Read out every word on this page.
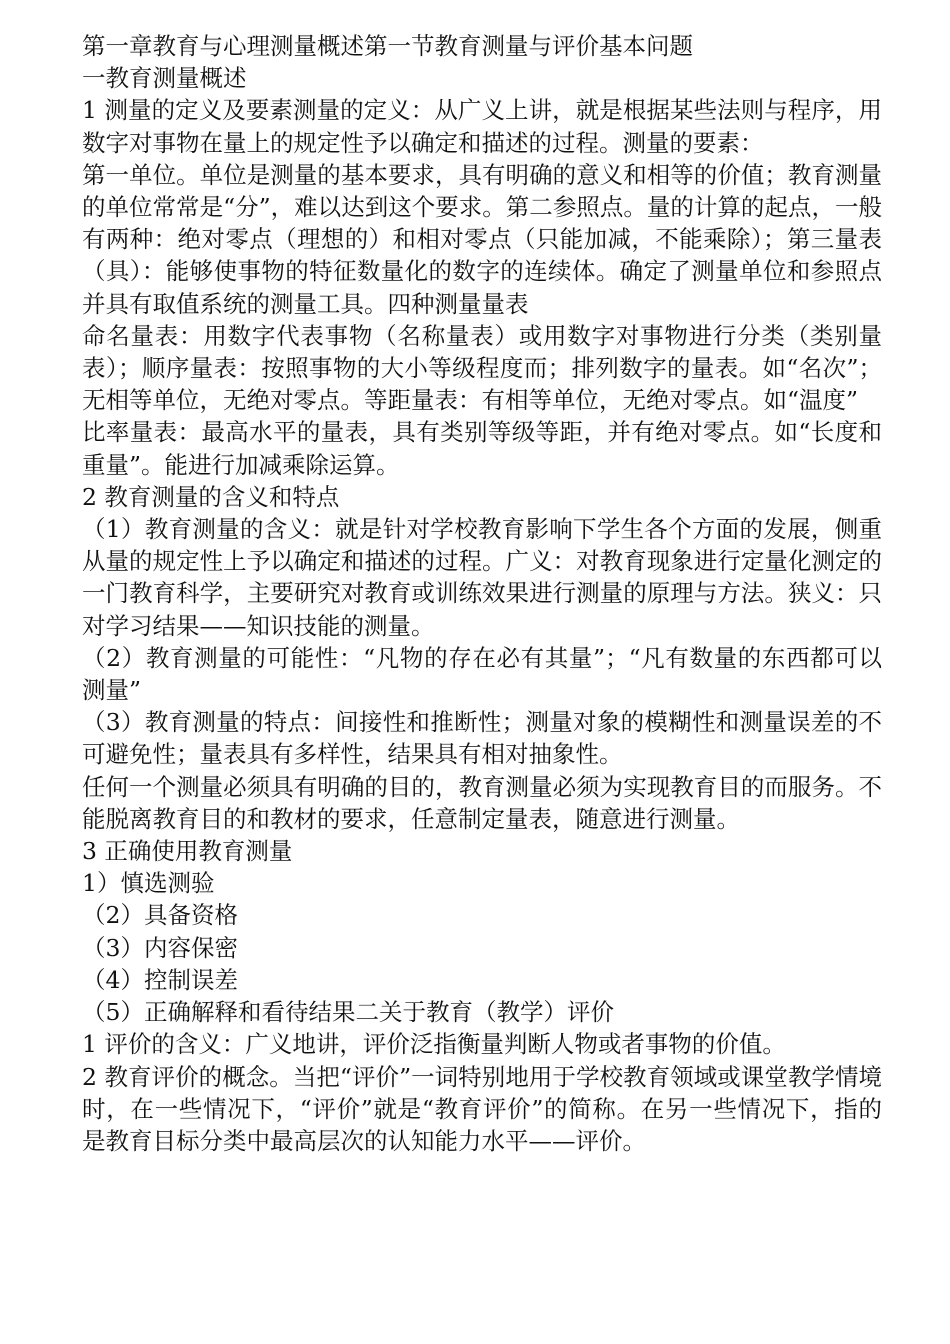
第一章教育与心理测量概述第一节教育测量与评价基本问题

一教育测量概述

1 测量的定义及要素测量的定义：从广义上讲，就是根据某些法则与程序，用数字对事物在量上的规定性予以确定和描述的过程。测量的要素：

第一单位。单位是测量的基本要求，具有明确的意义和相等的价值；教育测量的单位常常是“分”，难以达到这个要求。第二参照点。量的计算的起点，一般有两种：绝对零点（理想的）和相对零点（只能加减，不能乘除）；第三量表（具）：能够使事物的特征数量化的数字的连续体。确定了测量单位和参照点并具有取值系统的测量工具。四种测量量表

命名量表：用数字代表事物（名称量表）或用数字对事物进行分类（类别量表）；顺序量表：按照事物的大小等级程度而；排列数字的量表。如“名次”；无相等单位，无绝对零点。等距量表：有相等单位，无绝对零点。如“温度”

比率量表：最高水平的量表，具有类别等级等距，并有绝对零点。如“长度和重量”。能进行加减乘除运算。

2 教育测量的含义和特点

（1）教育测量的含义：就是针对学校教育影响下学生各个方面的发展，侧重从量的规定性上予以确定和描述的过程。广义：对教育现象进行定量化测定的一门教育科学，主要研究对教育或训练效果进行测量的原理与方法。狭义：只对学习结果——知识技能的测量。

（2）教育测量的可能性：“凡物的存在必有其量”；“凡有数量的东西都可以测量”

（3）教育测量的特点：间接性和推断性；测量对象的模糊性和测量误差的不可避免性；量表具有多样性，结果具有相对抽象性。

任何一个测量必须具有明确的目的，教育测量必须为实现教育目的而服务。不能脱离教育目的和教材的要求，任意制定量表，随意进行测量。

3 正确使用教育测量

1）慎选测验

（2）具备资格

（3）内容保密

（4）控制误差

（5）正确解释和看待结果二关于教育（教学）评价

1 评价的含义：广义地讲，评价泛指衡量判断人物或者事物的价值。

2 教育评价的概念。当把“评价”一词特别地用于学校教育领域或课堂教学情境时，在一些情况下，“评价”就是“教育评价”的简称。在另一些情况下，指的是教育目标分类中最高层次的认知能力水平——评价。
